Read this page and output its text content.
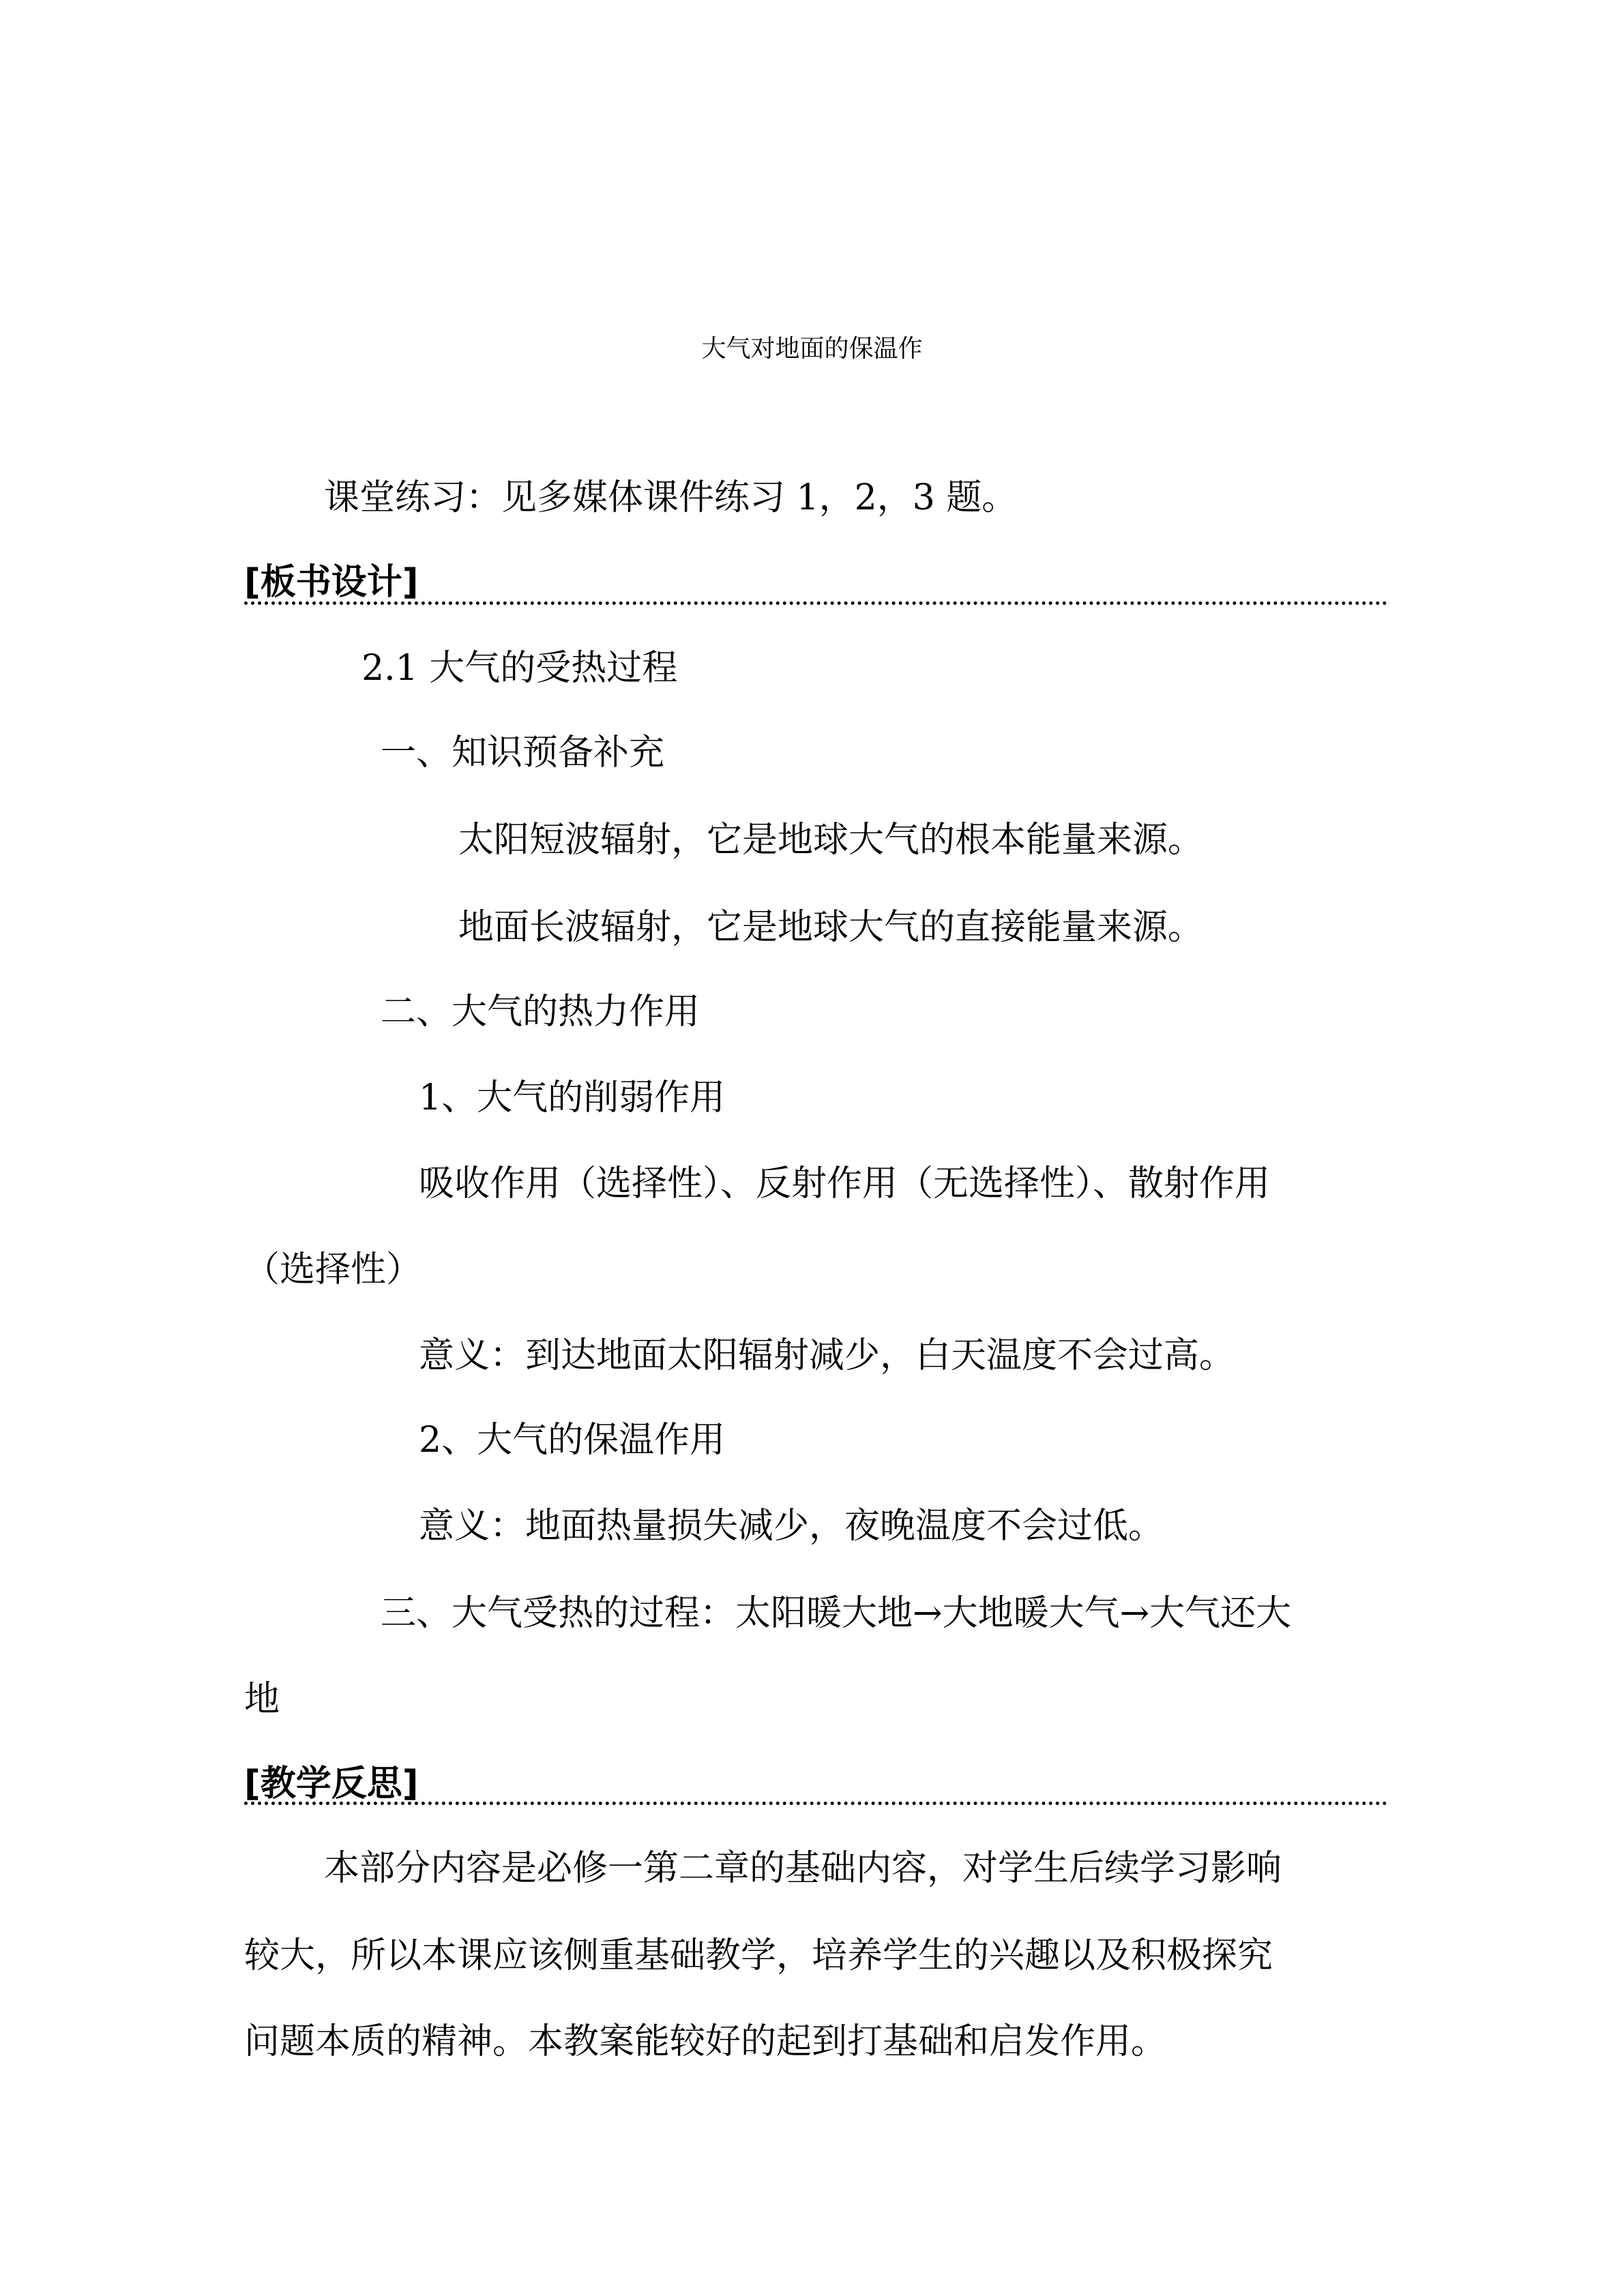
大气对地面的保温作
课堂练习：见多媒体课件练习 1，2，3 题。
[板书设计]
2.1 大气的受热过程
一、知识预备补充
太阳短波辐射，它是地球大气的根本能量来源。
地面长波辐射，它是地球大气的直接能量来源。
二、大气的热力作用
1、大气的削弱作用
吸收作用（选择性）、反射作用（无选择性）、散射作用
（选择性）
意义：到达地面太阳辐射减少，白天温度不会过高。
2、大气的保温作用
意义：地面热量损失减少，夜晚温度不会过低。
三、大气受热的过程：太阳暖大地→大地暖大气→大气还大
地
[教学反思]
本部分内容是必修一第二章的基础内容，对学生后续学习影响
较大，所以本课应该侧重基础教学，培养学生的兴趣以及积极探究
问题本质的精神。本教案能较好的起到打基础和启发作用。
